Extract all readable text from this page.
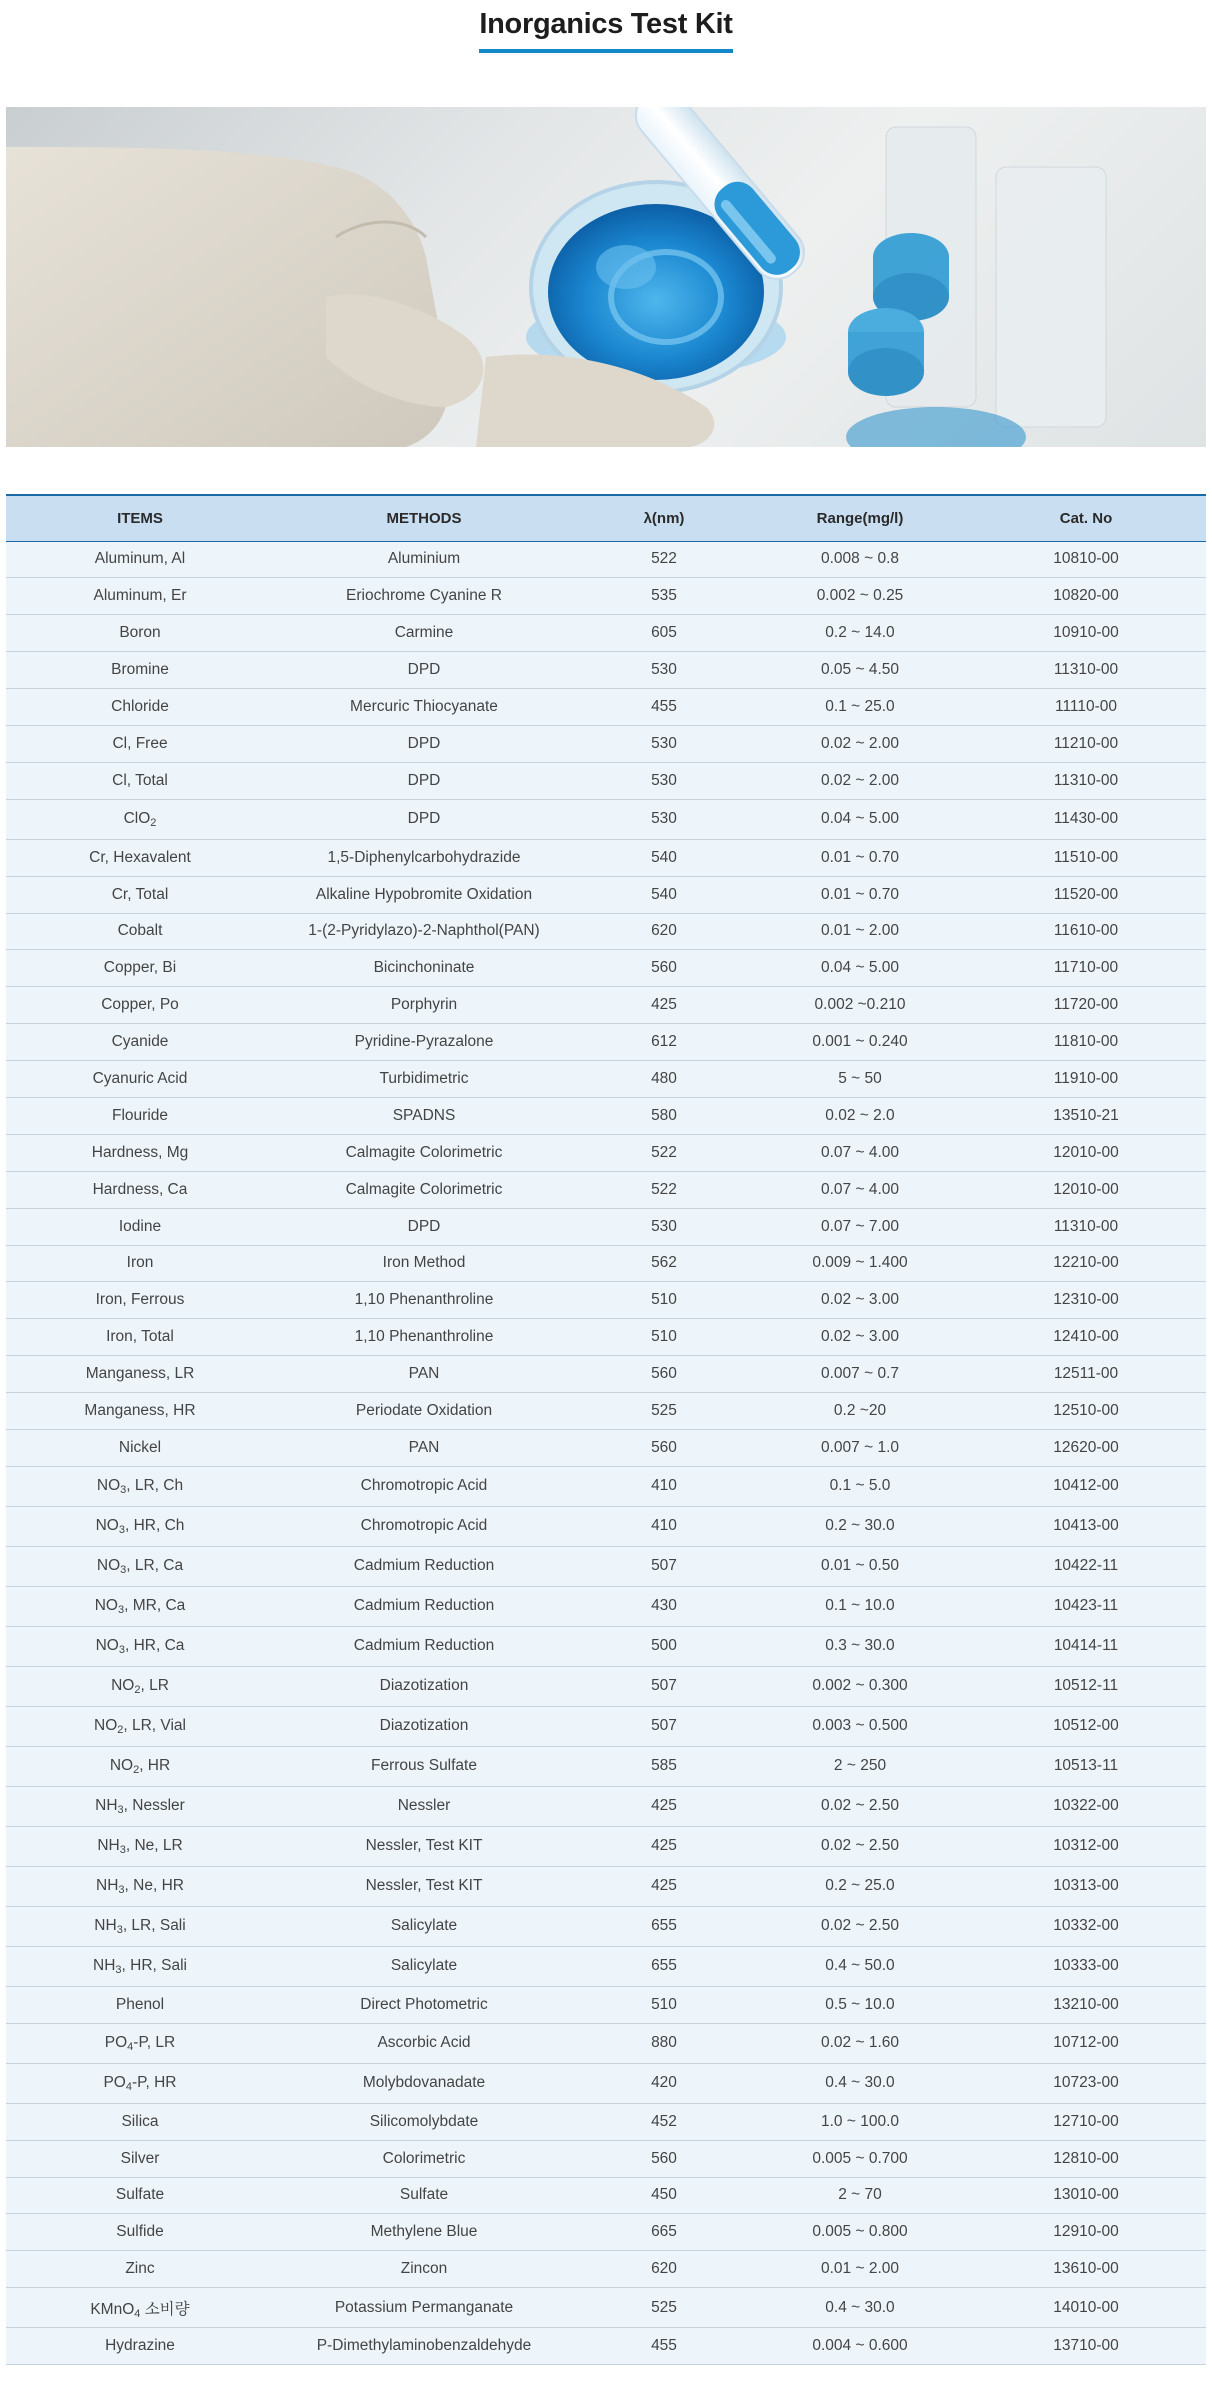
Inorganics Test Kit
ITEMS	METHODS	λ(nm)	Range(mg/l)	Cat. No
Aluminum, Al	Aluminium	522	0.008 ~ 0.8	10810-00
Aluminum, Er	Eriochrome Cyanine R	535	0.002 ~ 0.25	10820-00
Boron	Carmine	605	0.2 ~ 14.0	10910-00
Bromine	DPD	530	0.05 ~ 4.50	11310-00
Chloride	Mercuric Thiocyanate	455	0.1 ~ 25.0	11110-00
Cl, Free	DPD	530	0.02 ~ 2.00	11210-00
Cl, Total	DPD	530	0.02 ~ 2.00	11310-00
ClO$_2$	DPD	530	0.04 ~ 5.00	11430-00
Cr, Hexavalent	1,5-Diphenylcarbohydrazide	540	0.01 ~ 0.70	11510-00
Cr, Total	Alkaline Hypobromite Oxidation	540	0.01 ~ 0.70	11520-00
Cobalt	1-(2-Pyridylazo)-2-Naphthol(PAN)	620	0.01 ~ 2.00	11610-00
Copper, Bi	Bicinchoninate	560	0.04 ~ 5.00	11710-00
Copper, Po	Porphyrin	425	0.002 ~0.210	11720-00
Cyanide	Pyridine-Pyrazalone	612	0.001 ~ 0.240	11810-00
Cyanuric Acid	Turbidimetric	480	5 ~ 50	11910-00
Flouride	SPADNS	580	0.02 ~ 2.0	13510-21
Hardness, Mg	Calmagite Colorimetric	522	0.07 ~ 4.00	12010-00
Hardness, Ca	Calmagite Colorimetric	522	0.07 ~ 4.00	12010-00
Iodine	DPD	530	0.07 ~ 7.00	11310-00
Iron	Iron Method	562	0.009 ~ 1.400	12210-00
Iron, Ferrous	1,10 Phenanthroline	510	0.02 ~ 3.00	12310-00
Iron, Total	1,10 Phenanthroline	510	0.02 ~ 3.00	12410-00
Manganess, LR	PAN	560	0.007 ~ 0.7	12511-00
Manganess, HR	Periodate Oxidation	525	0.2 ~20	12510-00
Nickel	PAN	560	0.007 ~ 1.0	12620-00
$NO_3$, LR, Ch	Chromotropic Acid	410	0.1 ~ 5.0	10412-00
$NO_3$, HR, Ch	Chromotropic Acid	410	0.2 ~ 30.0	10413-00
$NO_3$, LR, Ca	Cadmium Reduction	507	0.01 ~ 0.50	10422-11
$NO_3$, MR, Ca	Cadmium Reduction	430	0.1 ~ 10.0	10423-11
$NO_3$, HR, Ca	Cadmium Reduction	500	0.3 ~ 30.0	10414-11
$NO_2$, LR	Diazotization	507	0.002 ~ 0.300	10512-11
$NO_2$, LR, Vial	Diazotization	507	0.003 ~ 0.500	10512-00
$NO_2$, HR	Ferrous Sulfate	585	2 ~ 250	10513-11
$NH_3$, Nessler	Nessler	425	0.02 ~ 2.50	10322-00
$NH_3$, Ne, LR	Nessler, Test KIT	425	0.02 ~ 2.50	10312-00
$NH_3$, Ne, HR	Nessler, Test KIT	425	0.2 ~ 25.0	10313-00
$NH_3$, LR, Sali	Salicylate	655	0.02 ~ 2.50	10332-00
$NH_3$, HR, Sali	Salicylate	655	0.4 ~ 50.0	10333-00
Phenol	Direct Photometric	510	0.5 ~ 10.0	13210-00
$PO_4-P$, LR	Ascorbic Acid	880	0.02 ~ 1.60	10712-00
$PO_4-P$, HR	Molybdovanadate	420	0.4 ~ 30.0	10723-00
Silica	Silicomolybdate	452	1.0 ~ 100.0	12710-00
Silver	Colorimetric	560	0.005 ~ 0.700	12810-00
Sulfate	Sulfate	450	2 ~ 70	13010-00
Sulfide	Methylene Blue	665	0.005 ~ 0.800	12910-00
Zinc	Zincon	620	0.01 ~ 2.00	13610-00
KMnO$_4$ 소비량	Potassium Permanganate	525	0.4 ~ 30.0	14010-00
Hydrazine	P-Dimethylaminobenzaldehyde	455	0.004 ~ 0.600	13710-00
